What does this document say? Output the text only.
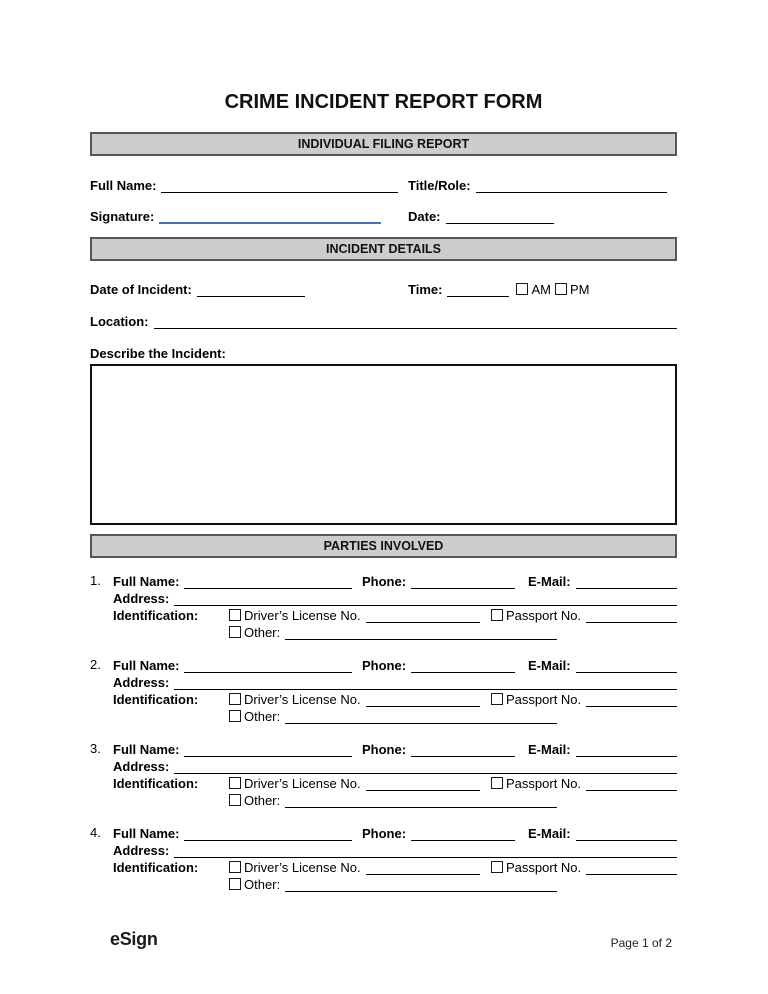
CRIME INCIDENT REPORT FORM
INDIVIDUAL FILING REPORT
Full Name:	Title/Role:
Signature:	Date:
INCIDENT DETAILS
Date of Incident:	Time:	AM PM
Location:
Describe the Incident:
PARTIES INVOLVED
1. Full Name:	Phone:	E-Mail:
Address:
Identification:	Driver’s License No.	Passport No.
Other:
2. Full Name:	Phone:	E-Mail:
Address:
Identification:	Driver’s License No.	Passport No.
Other:
3. Full Name:	Phone:	E-Mail:
Address:
Identification:	Driver’s License No.	Passport No.
Other:
4. Full Name:	Phone:	E-Mail:
Address:
Identification:	Driver’s License No.	Passport No.
Other:
eSign	Page 1 of 2
